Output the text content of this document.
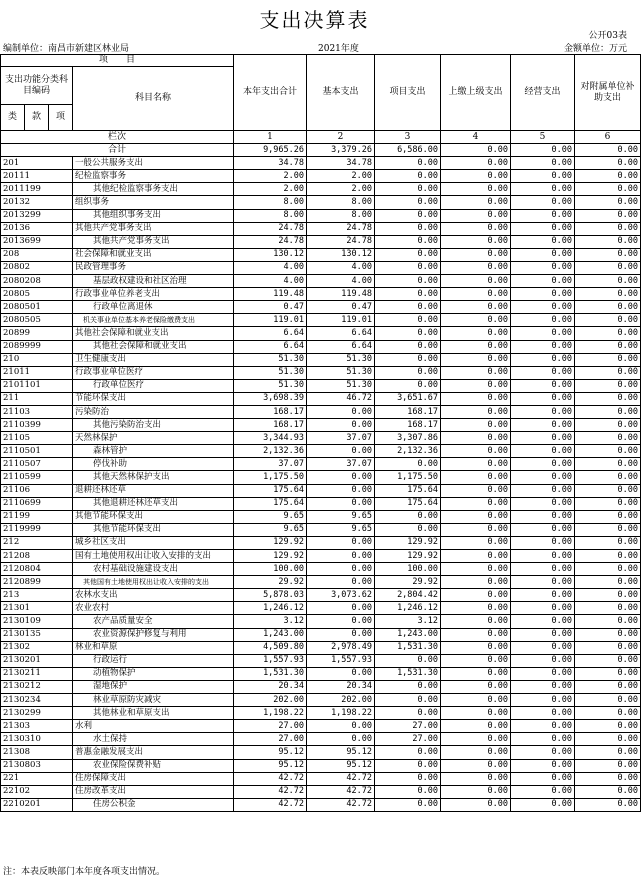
支出决算表
公开03表
编制单位：南昌市新建区林业局	2021年度	金额单位：万元
项　　目				本年支出合计	基本支出	项目支出	上缴上级支出	经营支出	对附属单位补助支出
支出功能分类科目编码			科目名称						
类	款	项							
栏次				1	2	3	4	5	6
合计				9,965.26	3,379.26	6,586.00	0.00	0.00	0.00
201			一般公共服务支出	34.78	34.78	0.00	0.00	0.00	0.00
20111			纪检监察事务	2.00	2.00	0.00	0.00	0.00	0.00
2011199			其他纪检监察事务支出	2.00	2.00	0.00	0.00	0.00	0.00
20132			组织事务	8.00	8.00	0.00	0.00	0.00	0.00
2013299			其他组织事务支出	8.00	8.00	0.00	0.00	0.00	0.00
20136			其他共产党事务支出	24.78	24.78	0.00	0.00	0.00	0.00
2013699			其他共产党事务支出	24.78	24.78	0.00	0.00	0.00	0.00
208			社会保障和就业支出	130.12	130.12	0.00	0.00	0.00	0.00
20802			民政管理事务	4.00	4.00	0.00	0.00	0.00	0.00
2080208			基层政权建设和社区治理	4.00	4.00	0.00	0.00	0.00	0.00
20805			行政事业单位养老支出	119.48	119.48	0.00	0.00	0.00	0.00
2080501			行政单位离退休	0.47	0.47	0.00	0.00	0.00	0.00
2080505			机关事业单位基本养老保险缴费支出	119.01	119.01	0.00	0.00	0.00	0.00
20899			其他社会保障和就业支出	6.64	6.64	0.00	0.00	0.00	0.00
2089999			其他社会保障和就业支出	6.64	6.64	0.00	0.00	0.00	0.00
210			卫生健康支出	51.30	51.30	0.00	0.00	0.00	0.00
21011			行政事业单位医疗	51.30	51.30	0.00	0.00	0.00	0.00
2101101			行政单位医疗	51.30	51.30	0.00	0.00	0.00	0.00
211			节能环保支出	3,698.39	46.72	3,651.67	0.00	0.00	0.00
21103			污染防治	168.17	0.00	168.17	0.00	0.00	0.00
2110399			其他污染防治支出	168.17	0.00	168.17	0.00	0.00	0.00
21105			天然林保护	3,344.93	37.07	3,307.86	0.00	0.00	0.00
2110501			森林管护	2,132.36	0.00	2,132.36	0.00	0.00	0.00
2110507			停伐补助	37.07	37.07	0.00	0.00	0.00	0.00
2110599			其他天然林保护支出	1,175.50	0.00	1,175.50	0.00	0.00	0.00
21106			退耕还林还草	175.64	0.00	175.64	0.00	0.00	0.00
2110699			其他退耕还林还草支出	175.64	0.00	175.64	0.00	0.00	0.00
21199			其他节能环保支出	9.65	9.65	0.00	0.00	0.00	0.00
2119999			其他节能环保支出	9.65	9.65	0.00	0.00	0.00	0.00
212			城乡社区支出	129.92	0.00	129.92	0.00	0.00	0.00
21208			国有土地使用权出让收入安排的支出	129.92	0.00	129.92	0.00	0.00	0.00
2120804			农村基础设施建设支出	100.00	0.00	100.00	0.00	0.00	0.00
2120899			其他国有土地使用权出让收入安排的支出	29.92	0.00	29.92	0.00	0.00	0.00
213			农林水支出	5,878.03	3,073.62	2,804.42	0.00	0.00	0.00
21301			农业农村	1,246.12	0.00	1,246.12	0.00	0.00	0.00
2130109			农产品质量安全	3.12	0.00	3.12	0.00	0.00	0.00
2130135			农业资源保护修复与利用	1,243.00	0.00	1,243.00	0.00	0.00	0.00
21302			林业和草原	4,509.80	2,978.49	1,531.30	0.00	0.00	0.00
2130201			行政运行	1,557.93	1,557.93	0.00	0.00	0.00	0.00
2130211			动植物保护	1,531.30	0.00	1,531.30	0.00	0.00	0.00
2130212			湿地保护	20.34	20.34	0.00	0.00	0.00	0.00
2130234			林业草原防灾减灾	202.00	202.00	0.00	0.00	0.00	0.00
2130299			其他林业和草原支出	1,198.22	1,198.22	0.00	0.00	0.00	0.00
21303			水利	27.00	0.00	27.00	0.00	0.00	0.00
2130310			水土保持	27.00	0.00	27.00	0.00	0.00	0.00
21308			普惠金融发展支出	95.12	95.12	0.00	0.00	0.00	0.00
2130803			农业保险保费补贴	95.12	95.12	0.00	0.00	0.00	0.00
221			住房保障支出	42.72	42.72	0.00	0.00	0.00	0.00
22102			住房改革支出	42.72	42.72	0.00	0.00	0.00	0.00
2210201			住房公积金	42.72	42.72	0.00	0.00	0.00	0.00
注：本表反映部门本年度各项支出情况。
